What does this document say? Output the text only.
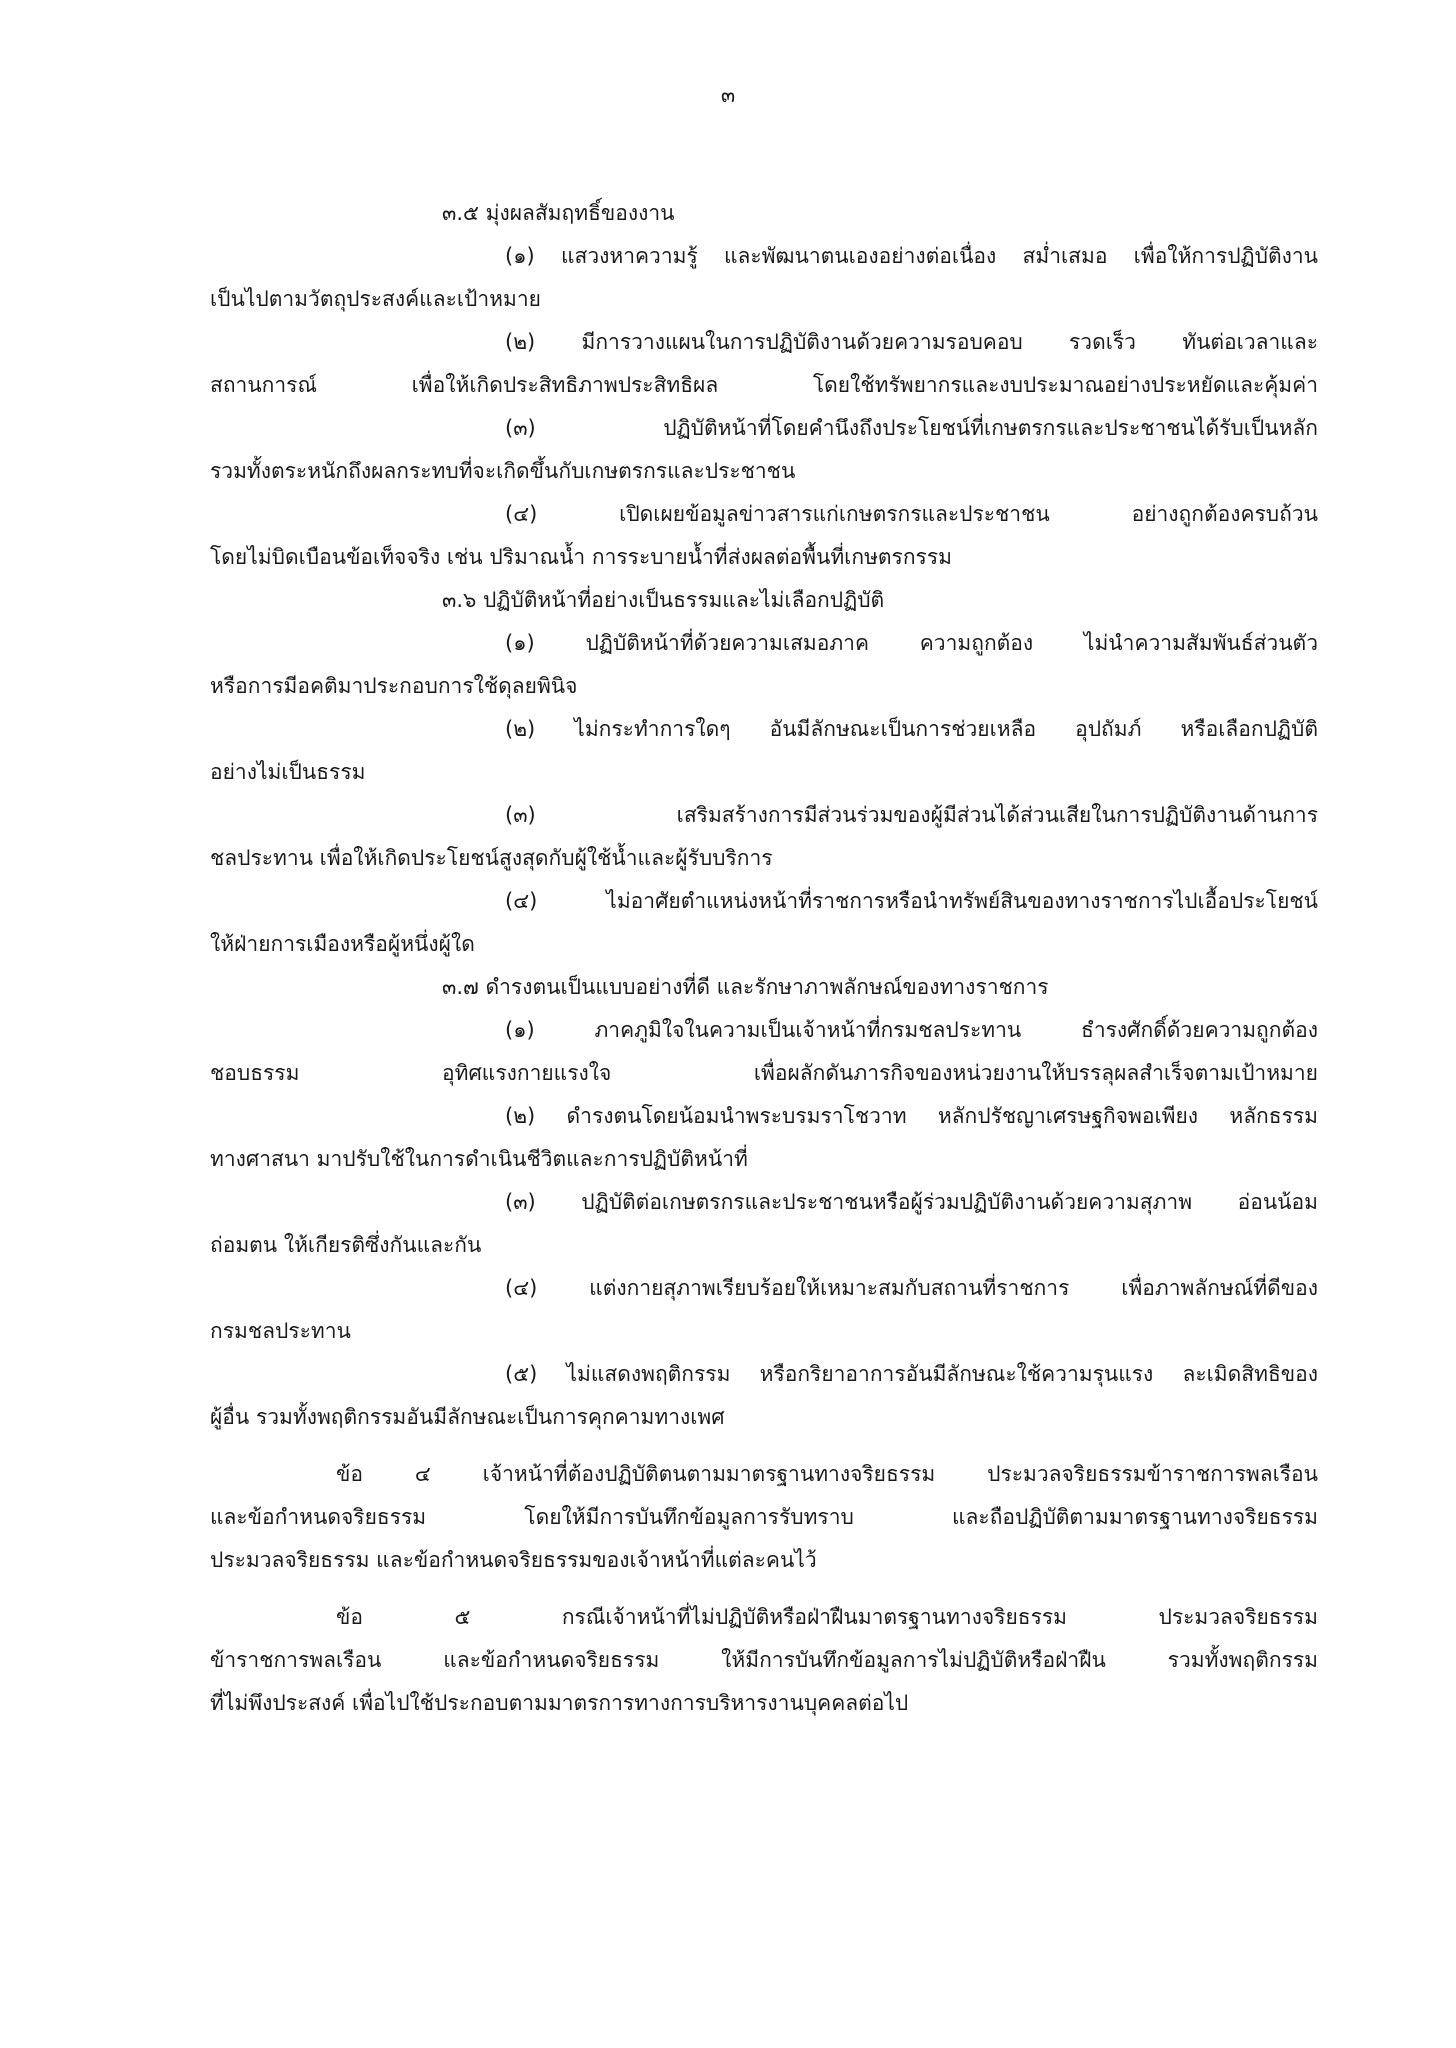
๓
๓.๕ มุ่งผลสัมฤทธิ์ของงาน
(๑) แสวงหาความรู้ และพัฒนาตนเองอย่างต่อเนื่อง สม่ำเสมอ เพื่อให้การปฏิบัติงาน
เป็นไปตามวัตถุประสงค์และเป้าหมาย
(๒) มีการวางแผนในการปฏิบัติงานด้วยความรอบคอบ รวดเร็ว ทันต่อเวลาและ
สถานการณ์ เพื่อให้เกิดประสิทธิภาพประสิทธิผล โดยใช้ทรัพยากรและงบประมาณอย่างประหยัดและคุ้มค่า
(๓) ปฏิบัติหน้าที่โดยคำนึงถึงประโยชน์ที่เกษตรกรและประชาชนได้รับเป็นหลัก
รวมทั้งตระหนักถึงผลกระทบที่จะเกิดขึ้นกับเกษตรกรและประชาชน
(๔) เปิดเผยข้อมูลข่าวสารแก่เกษตรกรและประชาชน อย่างถูกต้องครบถ้วน
โดยไม่บิดเบือนข้อเท็จจริง เช่น ปริมาณน้ำ การระบายน้ำที่ส่งผลต่อพื้นที่เกษตรกรรม
๓.๖ ปฏิบัติหน้าที่อย่างเป็นธรรมและไม่เลือกปฏิบัติ
(๑) ปฏิบัติหน้าที่ด้วยความเสมอภาค ความถูกต้อง ไม่นำความสัมพันธ์ส่วนตัว
หรือการมีอคติมาประกอบการใช้ดุลยพินิจ
(๒) ไม่กระทำการใดๆ อันมีลักษณะเป็นการช่วยเหลือ อุปถัมภ์ หรือเลือกปฏิบัติ
อย่างไม่เป็นธรรม
(๓) เสริมสร้างการมีส่วนร่วมของผู้มีส่วนได้ส่วนเสียในการปฏิบัติงานด้านการ
ชลประทาน เพื่อให้เกิดประโยชน์สูงสุดกับผู้ใช้น้ำและผู้รับบริการ
(๔) ไม่อาศัยตำแหน่งหน้าที่ราชการหรือนำทรัพย์สินของทางราชการไปเอื้อประโยชน์
ให้ฝ่ายการเมืองหรือผู้หนึ่งผู้ใด
๓.๗ ดำรงตนเป็นแบบอย่างที่ดี และรักษาภาพลักษณ์ของทางราชการ
(๑) ภาคภูมิใจในความเป็นเจ้าหน้าที่กรมชลประทาน ธำรงศักดิ์ด้วยความถูกต้อง
ชอบธรรม อุทิศแรงกายแรงใจ เพื่อผลักดันภารกิจของหน่วยงานให้บรรลุผลสำเร็จตามเป้าหมาย
(๒) ดำรงตนโดยน้อมนำพระบรมราโชวาท หลักปรัชญาเศรษฐกิจพอเพียง หลักธรรม
ทางศาสนา มาปรับใช้ในการดำเนินชีวิตและการปฏิบัติหน้าที่
(๓) ปฏิบัติต่อเกษตรกรและประชาชนหรือผู้ร่วมปฏิบัติงานด้วยความสุภาพ อ่อนน้อม
ถ่อมตน ให้เกียรติซึ่งกันและกัน
(๔) แต่งกายสุภาพเรียบร้อยให้เหมาะสมกับสถานที่ราชการ เพื่อภาพลักษณ์ที่ดีของ
กรมชลประทาน
(๕) ไม่แสดงพฤติกรรม หรือกริยาอาการอันมีลักษณะใช้ความรุนแรง ละเมิดสิทธิของ
ผู้อื่น รวมทั้งพฤติกรรมอันมีลักษณะเป็นการคุกคามทางเพศ
ข้อ ๔ เจ้าหน้าที่ต้องปฏิบัติตนตามมาตรฐานทางจริยธรรม ประมวลจริยธรรมข้าราชการพลเรือน
และข้อกำหนดจริยธรรม โดยให้มีการบันทึกข้อมูลการรับทราบ และถือปฏิบัติตามมาตรฐานทางจริยธรรม
ประมวลจริยธรรม และข้อกำหนดจริยธรรมของเจ้าหน้าที่แต่ละคนไว้
ข้อ ๕ กรณีเจ้าหน้าที่ไม่ปฏิบัติหรือฝ่าฝืนมาตรฐานทางจริยธรรม ประมวลจริยธรรม
ข้าราชการพลเรือน และข้อกำหนดจริยธรรม ให้มีการบันทึกข้อมูลการไม่ปฏิบัติหรือฝ่าฝืน รวมทั้งพฤติกรรม
ที่ไม่พึงประสงค์ เพื่อไปใช้ประกอบตามมาตรการทางการบริหารงานบุคคลต่อไป
